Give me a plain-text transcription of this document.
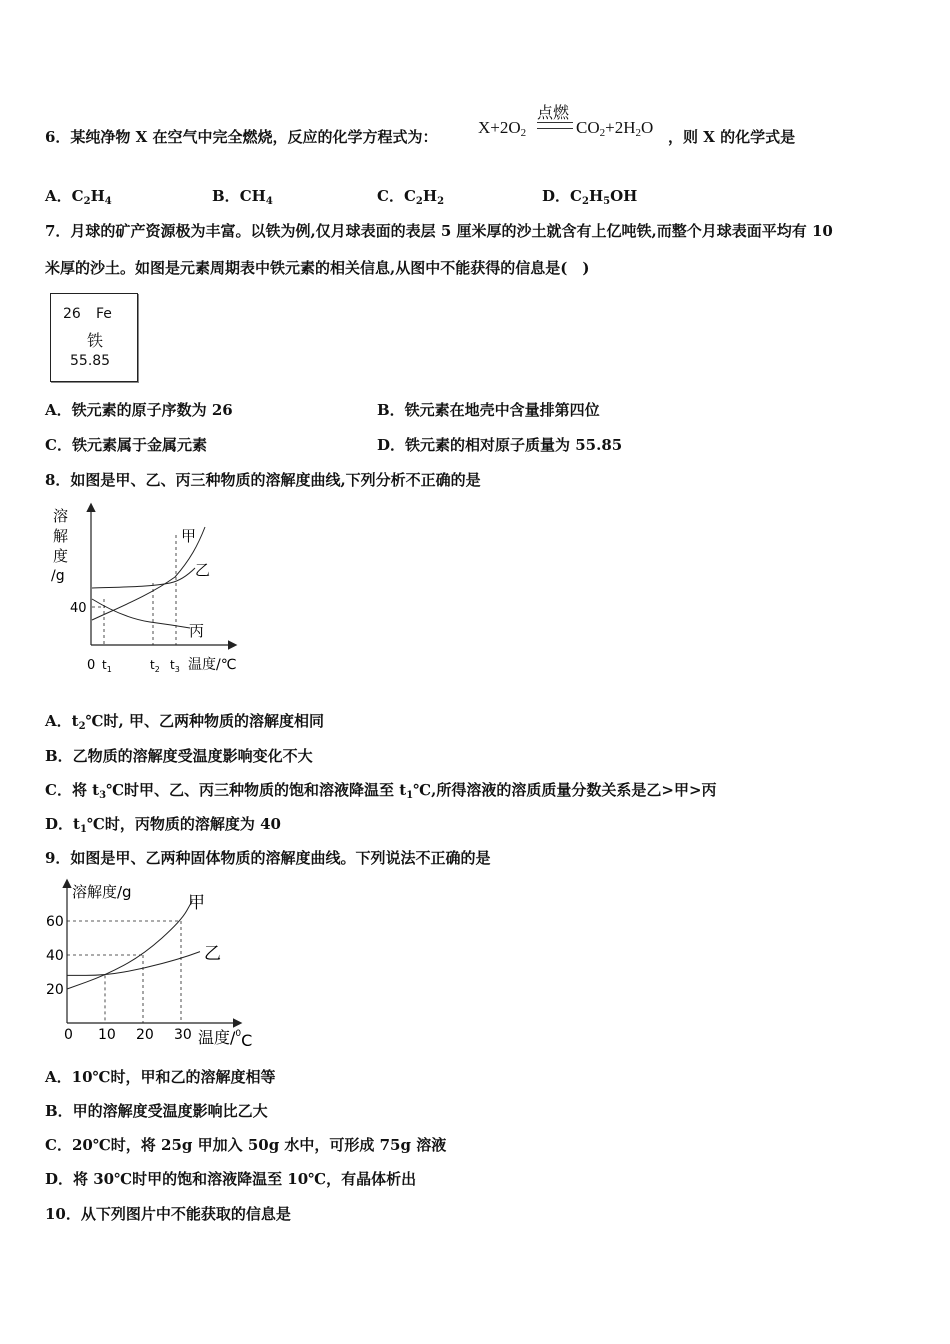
6．某纯净物 X 在空气中完全燃烧，反应的化学方程式为： $X+2O_2$
点燃
$CO_2+2H_2O$ ，则 X 的化学式是
A．$C_2H_4$	B．$CH_4$	C．$C_2H_2$	D．$C_2H_5OH$
7．月球的矿产资源极为丰富。以铁为例,仅月球表面的表层 5 厘米厚的沙土就含有上亿吨铁,而整个月球表面平均有 10
米厚的沙土。如图是元素周期表中铁元素的相关信息,从图中不能获得的信息是(　)
26 Fe
铁
55.85
A．铁元素的原子序数为 26	B．铁元素在地壳中含量排第四位
C．铁元素属于金属元素	D．铁元素的相对原子质量为 55.85
8．如图是甲、乙、丙三种物质的溶解度曲线,下列分析不正确的是
溶
解
度
/g
40
0 $t_1$	$t_2$ $t_3$ 温度/℃
甲
乙
丙
A．$t_2℃$时, 甲、乙两种物质的溶解度相同
B．乙物质的溶解度受温度影响变化不大
C．将 $t_3℃$时甲、乙、丙三种物质的饱和溶液降温至 $t_1℃$,所得溶液的溶质质量分数关系是乙>甲>丙
D．$t_1℃$时，丙物质的溶解度为 40
9．如图是甲、乙两种固体物质的溶解度曲线。下列说法不正确的是
溶解度/g
温度/$^0$C
0 10 20 30
20
40
60
甲
乙
A．10℃时，甲和乙的溶解度相等
B．甲的溶解度受温度影响比乙大
C．20℃时，将 25g 甲加入 50g 水中，可形成 75g 溶液
D．将 30℃时甲的饱和溶液降温至 10℃，有晶体析出
10．从下列图片中不能获取的信息是
